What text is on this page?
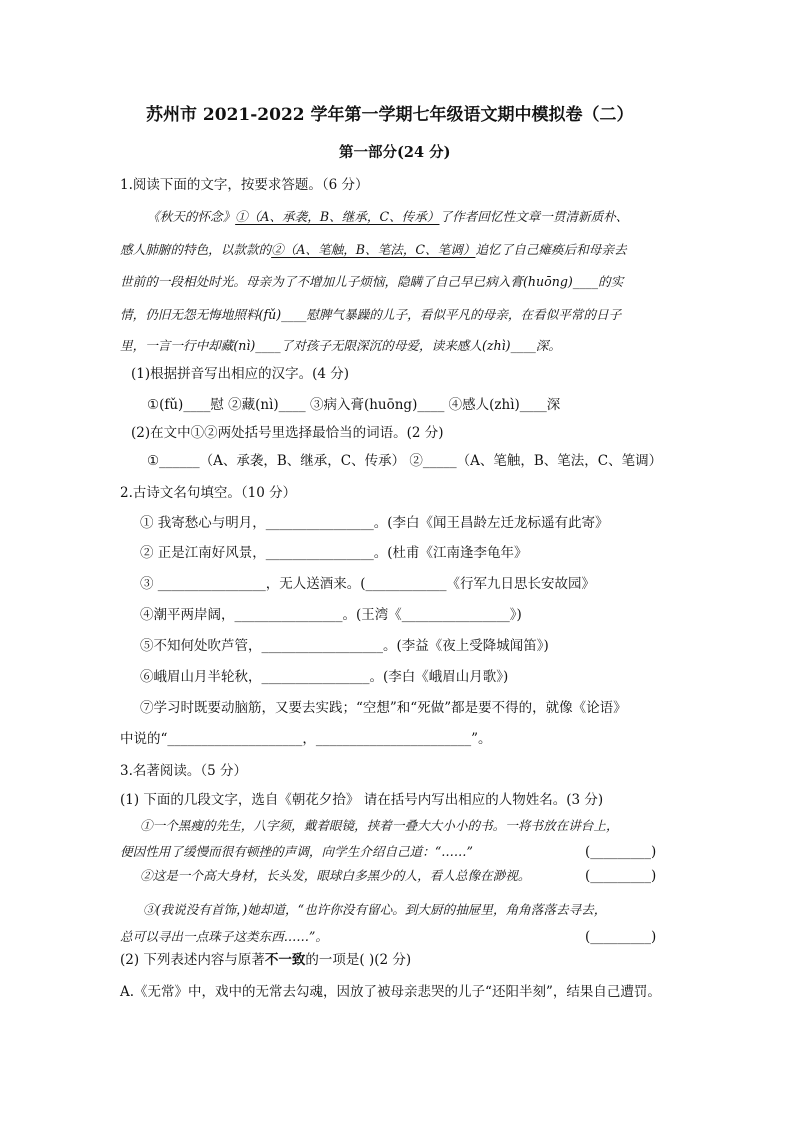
苏州市 2021-2022 学年第一学期七年级语文期中模拟卷（二）
第一部分(24 分)
1.阅读下面的文字，按要求答题。（6 分）
《秋天的怀念》①（A、承袭，B、继承，C、传承）了作者回忆性文章一贯清新质朴、
感人肺腑的特色，以款款的②（A、笔触，B、笔法，C、笔调）追忆了自己瘫痪后和母亲去
世前的一段相处时光。母亲为了不增加儿子烦恼，隐瞒了自己早已病入膏(huōng)____的实
情，仍旧无怨无悔地照料(fǔ)____慰脾气暴躁的儿子，看似平凡的母亲，在看似平常的日子
里，一言一行中却藏(nì)____了对孩子无限深沉的母爱，读来感人(zhì)____深。
(1)根据拼音写出相应的汉字。(4 分)
①(fǔ)____慰 ②藏(nì)____ ③病入膏(huōng)____ ④感人(zhì)____深
(2)在文中①②两处括号里选择最恰当的词语。(2 分)
①______（A、承袭，B、继承，C、传承） ②_____（A、笔触，B、笔法，C、笔调）
2.古诗文名句填空。（10 分）
① 我寄愁心与明月，________________。(李白《闻王昌龄左迁龙标遥有此寄》
② 正是江南好风景，________________。(杜甫《江南逢李龟年》
③ ________________，无人送酒来。(____________《行军九日思长安故园》
④潮平两岸阔，________________。(王湾《________________》)
⑤不知何处吹芦管，__________________。(李益《夜上受降城闻笛》)
⑥峨眉山月半轮秋，________________。(李白《峨眉山月歌》)
⑦学习时既要动脑筋，又要去实践；“空想”和“死做”都是要不得的，就像《论语》
中说的“____________________，_______________________”。
3.名著阅读。（5 分）
(1) 下面的几段文字，选自《朝花夕拾》 请在括号内写出相应的人物姓名。(3 分)
①一个黑瘦的先生，八字须，戴着眼镜，挟着一叠大大小小的书。一将书放在讲台上，
便因性用了缓慢而很有顿挫的声调，向学生介绍自己道：“……”	(_________)
②这是一个高大身材，长头发，眼球白多黑少的人，看人总像在渺视。	(_________)
③(我说没有首饰，)她却道，“也许你没有留心。到大厨的抽屉里，角角落落去寻去，
总可以寻出一点珠子这类东西……”。	(_________)
(2) 下列表述内容与原著不一致的一项是( )(2 分)
A.《无常》中，戏中的无常去勾魂，因放了被母亲悲哭的儿子“还阳半刻”，结果自己遭罚。
